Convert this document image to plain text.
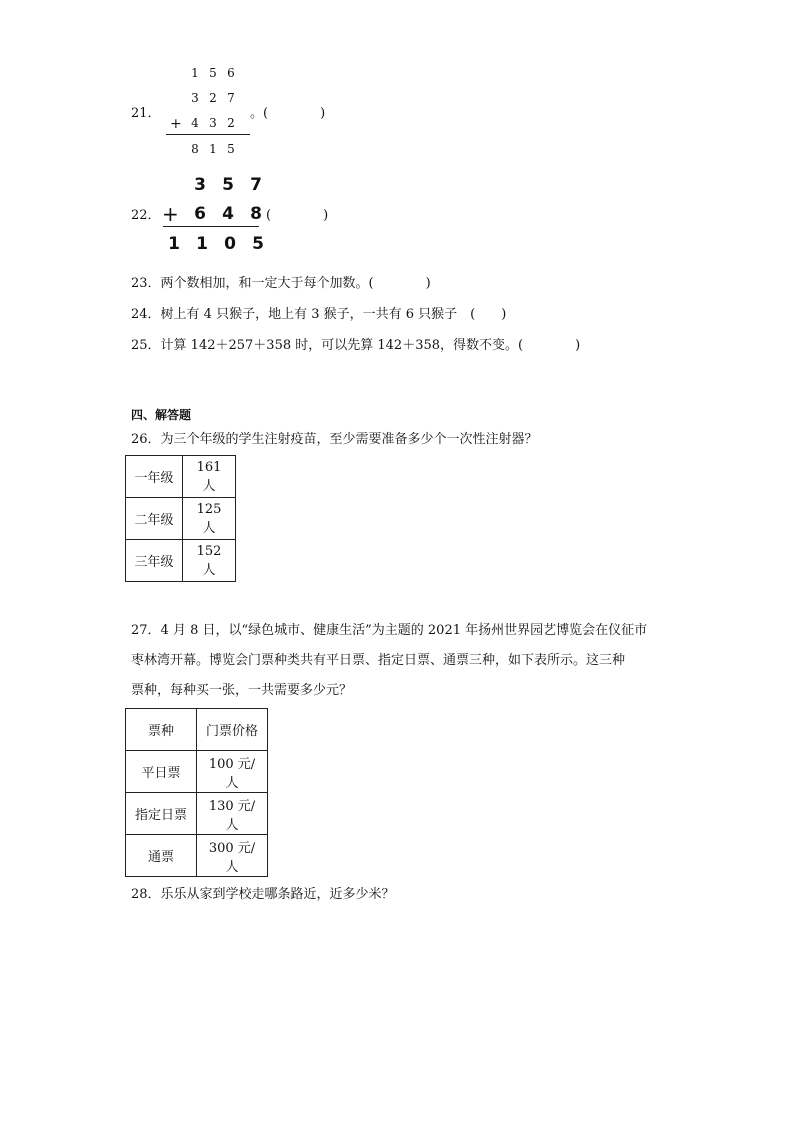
1 5 6
3 2 7
21．
+ 4 3 2
。(　　　　)
8 1 5
3 5 7
22． + 6 4 8 (　　　　)
1 1 0 5
23．两个数相加，和一定大于每个加数。(　　　　)
24．树上有 4 只猴子，地上有 3 猴子，一共有 6 只猴子　(　　)
25．计算 142＋257＋358 时，可以先算 142＋358，得数不变。(　　　　)
四、解答题
26．为三个年级的学生注射疫苗，至少需要准备多少个一次性注射器？
一年级	161 人
二年级	125 人
三年级	152 人
27．4 月 8 日，以“绿色城市、健康生活”为主题的 2021 年扬州世界园艺博览会在仪征市
枣林湾开幕。博览会门票种类共有平日票、指定日票、通票三种，如下表所示。这三种
票种，每种买一张，一共需要多少元？
票种	门票价格
平日票	100 元/人
指定日票	130 元/人
通票	300 元/人
28．乐乐从家到学校走哪条路近，近多少米？
